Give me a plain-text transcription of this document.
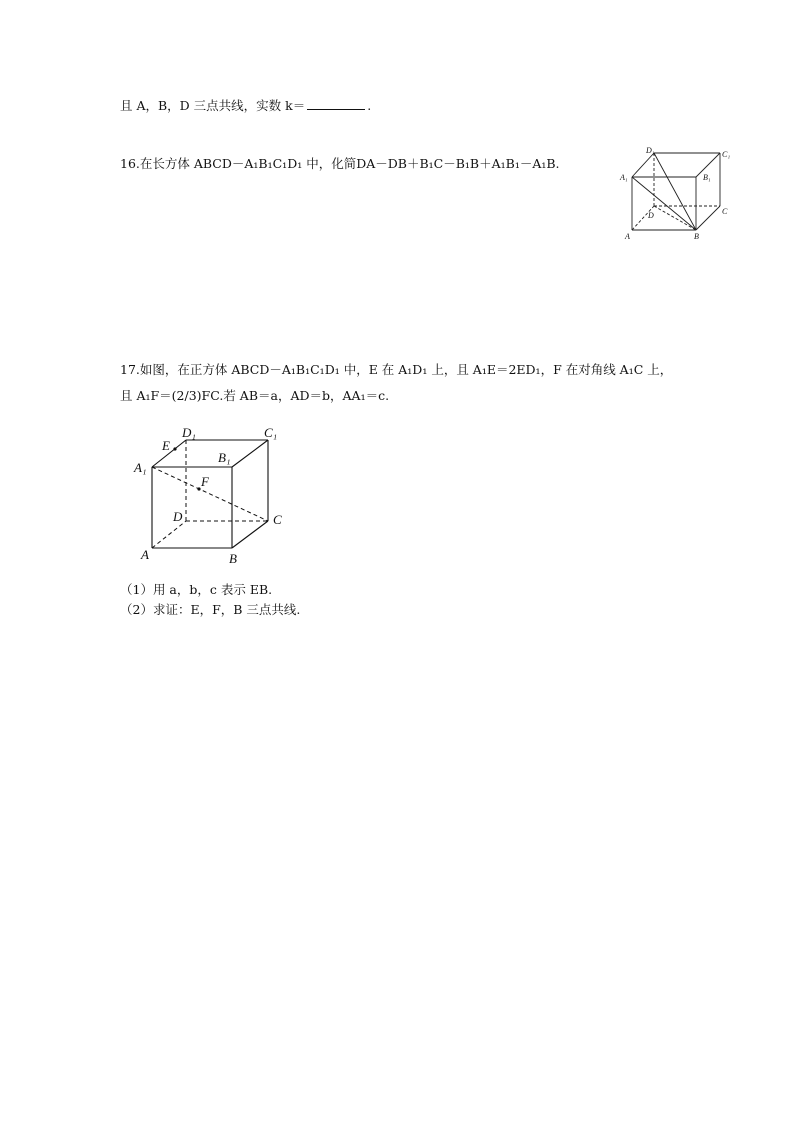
且 A，B，D 三点共线，实数 k＝	.
16.在长方体 ABCD－A₁B₁C₁D₁ 中，化简DA－DB＋B₁C－B₁B＋A₁B₁－A₁B.
D₁	C₁
A₁	B₁
D	C
A	B
17.如图，在正方体 ABCD－A₁B₁C₁D₁ 中，E 在 A₁D₁ 上，且 A₁E＝2ED₁，F 在对角线 A₁C 上，
且 A₁F＝(2/3)FC.若 AB＝a，AD＝b，AA₁＝c.
E
D₁	C₁
A₁
B₁
F
D	C
A	B
（1）用 a，b，c 表示 EB.
（2）求证：E，F，B 三点共线.
